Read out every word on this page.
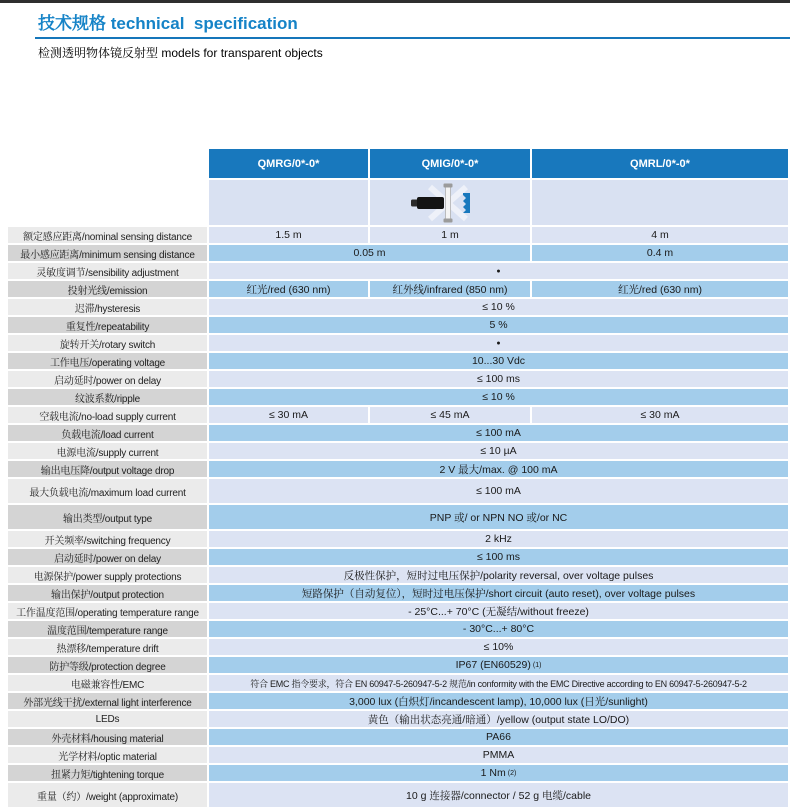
技术规格 technical  specification
检测透明物体镜反射型 models for transparent objects
QMRG/0*-0*	QMIG/0*-0*	QMRL/0*-0*
额定感应距离/nominal sensing distance	1.5 m	1 m	4 m
最小感应距离/minimum sensing distance	0.05 m	0.4 m
灵敏度调节/sensibility adjustment	●
投射光线/emission	红光/red (630 nm)	红外线/infrared (850 nm)	红光/red (630 nm)
迟滞/hysteresis	≤ 10 %
重复性/repeatability	5 %
旋转开关/rotary switch	●
工作电压/operating voltage	10...30 Vdc
启动延时/power on delay	≤ 100 ms
纹波系数/ripple	≤ 10 %
空载电流/no-load supply current	≤ 30 mA	≤ 45 mA	≤ 30 mA
负载电流/load current	≤ 100 mA
电源电流/supply current	≤ 10 µA
输出电压降/output voltage drop	2 V 最大/max. @ 100 mA
最大负载电流/maximum load current	≤ 100 mA
输出类型/output type	PNP 或/ or NPN NO 或/or NC
开关频率/switching frequency	2 kHz
启动延时/power on delay	≤ 100 ms
电源保护/power supply protections	反极性保护，短时过电压保护/polarity reversal, over voltage pulses
输出保护/output protection	短路保护（自动复位），短时过电压保护/short circuit (auto reset), over voltage pulses
工作温度范围/operating temperature range	- 25°C...+ 70°C (无凝结/without freeze)
温度范围/temperature range	- 30°C...+ 80°C
热漂移/temperature drift	≤ 10%
防护等级/protection degree	IP67 (EN60529) (1)
电磁兼容性/EMC	符合 EMC 指令要求，符合 EN 60947-5-260947-5-2 规范/in conformity with the EMC Directive according to EN 60947-5-260947-5-2
外部光线干扰/external light interference	3,000 lux (白炽灯/incandescent lamp), 10,000 lux (日光/sunlight)
LEDs	黄色（输出状态亮通/暗通）/yellow (output state LO/DO)
外壳材料/housing material	PA66
光学材料/optic material	PMMA
扭紧力矩/tightening torque	1 Nm (2)
重量（约）/weight (approximate)	10 g 连接器/connector / 52 g 电缆/cable
